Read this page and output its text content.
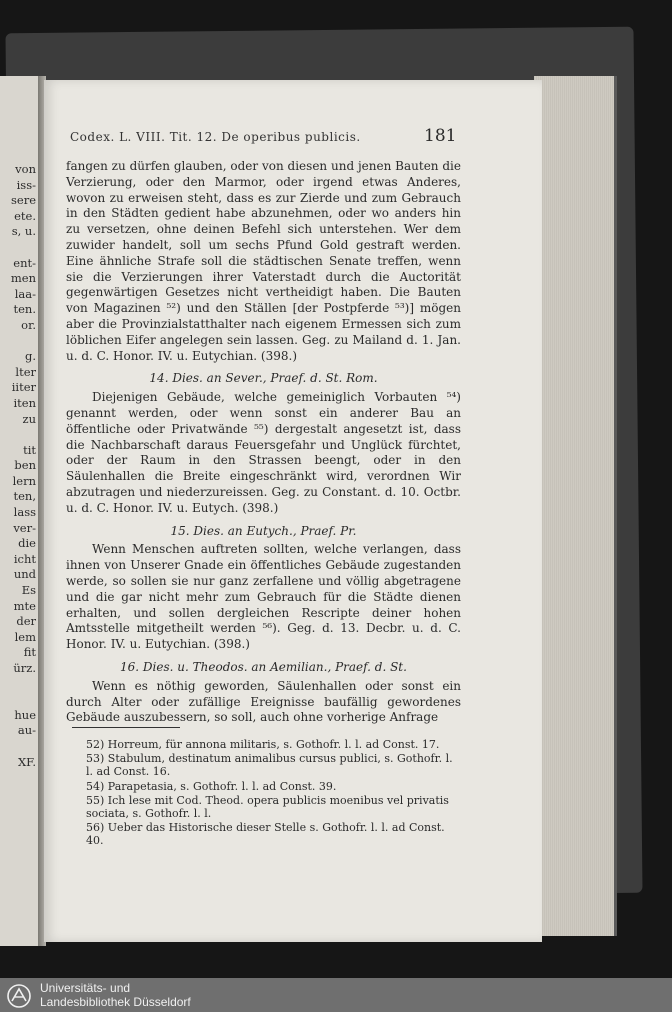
von
iss-
sere
ete.
s, u.

ent-
men
laa-
ten.
or.

g.
lter
iiter
iten
zu

tit
ben
lern
ten,
lass
ver-
die
icht
und
Es
mte
der
lem
fit
ürz.

hue
au-

XF.
Codex. L. VIII. Tit. 12. De operibus publicis.	181

fangen zu dürfen glauben, oder von diesen und jenen Bauten die Verzierung, oder den Marmor, oder irgend etwas Anderes, wovon zu erweisen steht, dass es zur Zierde und zum Gebrauch in den Städten gedient habe abzunehmen, oder wo anders hin zu versetzen, ohne deinen Befehl sich unterstehen. Wer dem zuwider handelt, soll um sechs Pfund Gold gestraft werden. Eine ähnliche Strafe soll die städtischen Senate treffen, wenn sie die Verzierungen ihrer Vaterstadt durch die Auctorität gegenwärtigen Gesetzes nicht vertheidigt haben. Die Bauten von Magazinen ⁵²) und den Ställen [der Postpferde ⁵³)] mögen aber die Provinzialstatthalter nach eigenem Ermessen sich zum löblichen Eifer angelegen sein lassen. Geg. zu Mailand d. 1. Jan. u. d. C. Honor. IV. u. Eutychian. (398.)

14. Dies. an Sever., Praef. d. St. Rom.

Diejenigen Gebäude, welche gemeiniglich Vorbauten ⁵⁴) genannt werden, oder wenn sonst ein anderer Bau an öffentliche oder Privatwände ⁵⁵) dergestalt angesetzt ist, dass die Nachbarschaft daraus Feuersgefahr und Unglück fürchtet, oder der Raum in den Strassen beengt, oder in den Säulenhallen die Breite eingeschränkt wird, verordnen Wir abzutragen und niederzureissen. Geg. zu Constant. d. 10. Octbr. u. d. C. Honor. IV. u. Eutych. (398.)

15. Dies. an Eutych., Praef. Pr.

Wenn Menschen auftreten sollten, welche verlangen, dass ihnen von Unserer Gnade ein öffentliches Gebäude zugestanden werde, so sollen sie nur ganz zerfallene und völlig abgetragene und die gar nicht mehr zum Gebrauch für die Städte dienen erhalten, und sollen dergleichen Rescripte deiner hohen Amtsstelle mitgetheilt werden ⁵⁶). Geg. d. 13. Decbr. u. d. C. Honor. IV. u. Eutychian. (398.)

16. Dies. u. Theodos. an Aemilian., Praef. d. St.

Wenn es nöthig geworden, Säulenhallen oder sonst ein durch Alter oder zufällige Ereignisse baufällig gewordenes Gebäude auszubessern, so soll, auch ohne vorherige Anfrage

52) Horreum, für annona militaris, s. Gothofr. l. l. ad Const. 17.
53) Stabulum, destinatum animalibus cursus publici, s. Gothofr. l. l. ad Const. 16.
54) Parapetasia, s. Gothofr. l. l. ad Const. 39.
55) Ich lese mit Cod. Theod. opera publicis moenibus vel privatis sociata, s. Gothofr. l. l.
56) Ueber das Historische dieser Stelle s. Gothofr. l. l. ad Const. 40.
Universitäts- und
Landesbibliothek Düsseldorf
